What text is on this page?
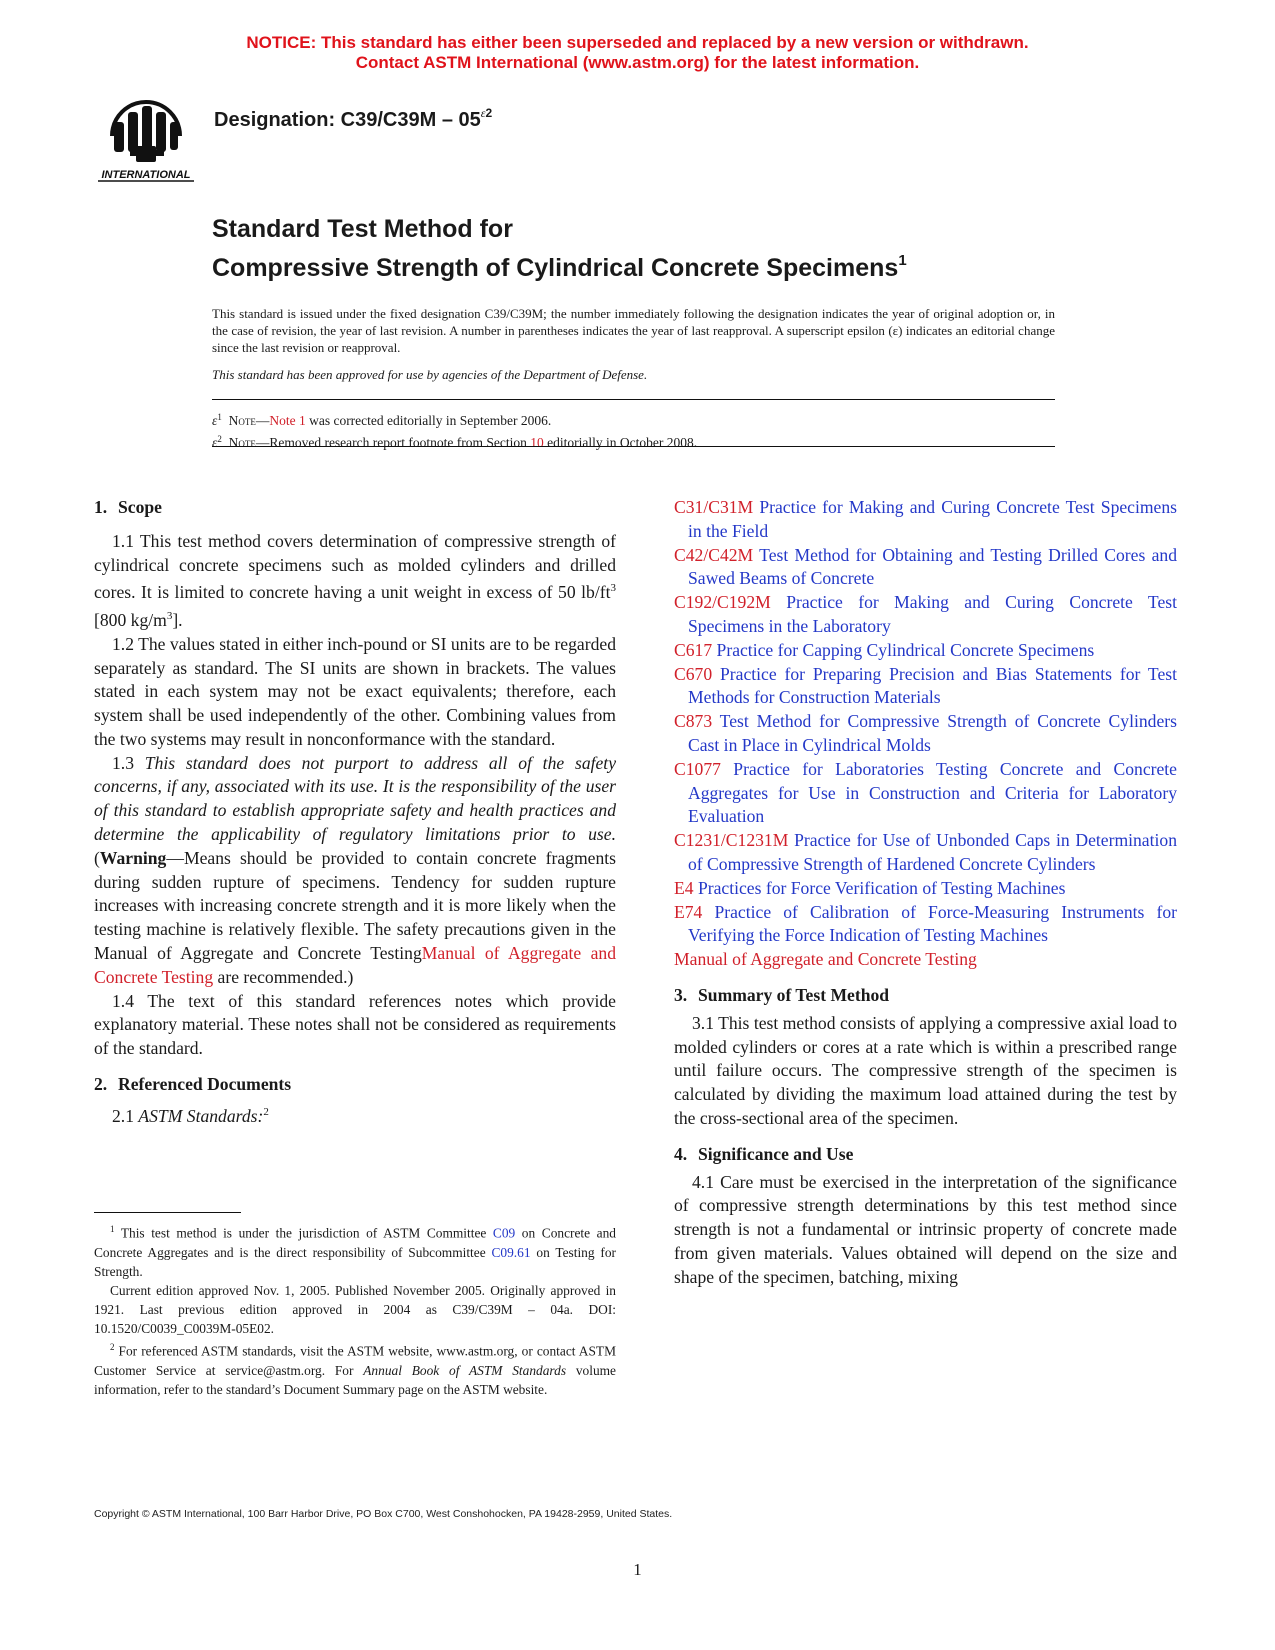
NOTICE: This standard has either been superseded and replaced by a new version or withdrawn.
Contact ASTM International (www.astm.org) for the latest information.
INTERNATIONAL
Designation: $C39/C39M - 05^{\varepsilon 2}$
Standard Test Method for
Compressive Strength of Cylindrical Concrete Specimens$^1$

This standard is issued under the fixed designation C39/C39M; the number immediately following the designation indicates the year of original adoption or, in the case of revision, the year of last revision. A number in parentheses indicates the year of last reapproval. A superscript epsilon (ε) indicates an editorial change since the last revision or reapproval.

This standard has been approved for use by agencies of the Department of Defense.

ε$^1$ Note—Note 1 was corrected editorially in September 2006.
ε$^2$ Note—Removed research report footnote from Section 10 editorially in October 2008.
1. Scope

1.1 This test method covers determination of compressive strength of cylindrical concrete specimens such as molded cylinders and drilled cores. It is limited to concrete having a unit weight in excess of 50 $lb/ft^3$ [800 $kg/m^3$].

1.2 The values stated in either inch-pound or SI units are to be regarded separately as standard. The SI units are shown in brackets. The values stated in each system may not be exact equivalents; therefore, each system shall be used independently of the other. Combining values from the two systems may result in nonconformance with the standard.

1.3 This standard does not purport to address all of the safety concerns, if any, associated with its use. It is the responsibility of the user of this standard to establish appropriate safety and health practices and determine the applicability of regulatory limitations prior to use. (Warning—Means should be provided to contain concrete fragments during sudden rupture of specimens. Tendency for sudden rupture increases with increasing concrete strength and it is more likely when the testing machine is relatively flexible. The safety precautions given in the Manual of Aggregate and Concrete TestingManual of Aggregate and Concrete Testing are recommended.)

1.4 The text of this standard references notes which provide explanatory material. These notes shall not be considered as requirements of the standard.

2. Referenced Documents

2.1 ASTM Standards:$^2$

$^1$ This test method is under the jurisdiction of ASTM Committee C09 on Concrete and Concrete Aggregates and is the direct responsibility of Subcommittee C09.61 on Testing for Strength.

Current edition approved Nov. 1, 2005. Published November 2005. Originally approved in 1921. Last previous edition approved in 2004 as C39/C39M – 04a. DOI: 10.1520/C0039_C0039M-05E02.

$^2$ For referenced ASTM standards, visit the ASTM website, www.astm.org, or contact ASTM Customer Service at service@astm.org. For Annual Book of ASTM Standards volume information, refer to the standard’s Document Summary page on the ASTM website.

C31/C31M Practice for Making and Curing Concrete Test Specimens in the Field
C42/C42M Test Method for Obtaining and Testing Drilled Cores and Sawed Beams of Concrete
C192/C192M Practice for Making and Curing Concrete Test Specimens in the Laboratory
C617 Practice for Capping Cylindrical Concrete Specimens
C670 Practice for Preparing Precision and Bias Statements for Test Methods for Construction Materials
C873 Test Method for Compressive Strength of Concrete Cylinders Cast in Place in Cylindrical Molds
C1077 Practice for Laboratories Testing Concrete and Concrete Aggregates for Use in Construction and Criteria for Laboratory Evaluation
C1231/C1231M Practice for Use of Unbonded Caps in Determination of Compressive Strength of Hardened Concrete Cylinders
E4 Practices for Force Verification of Testing Machines
E74 Practice of Calibration of Force-Measuring Instruments for Verifying the Force Indication of Testing Machines
Manual of Aggregate and Concrete Testing
3. Summary of Test Method

3.1 This test method consists of applying a compressive axial load to molded cylinders or cores at a rate which is within a prescribed range until failure occurs. The compressive strength of the specimen is calculated by dividing the maximum load attained during the test by the cross-sectional area of the specimen.

4. Significance and Use

4.1 Care must be exercised in the interpretation of the significance of compressive strength determinations by this test method since strength is not a fundamental or intrinsic property of concrete made from given materials. Values obtained will depend on the size and shape of the specimen, batching, mixing

Copyright © ASTM International, 100 Barr Harbor Drive, PO Box C700, West Conshohocken, PA 19428-2959, United States.
1
